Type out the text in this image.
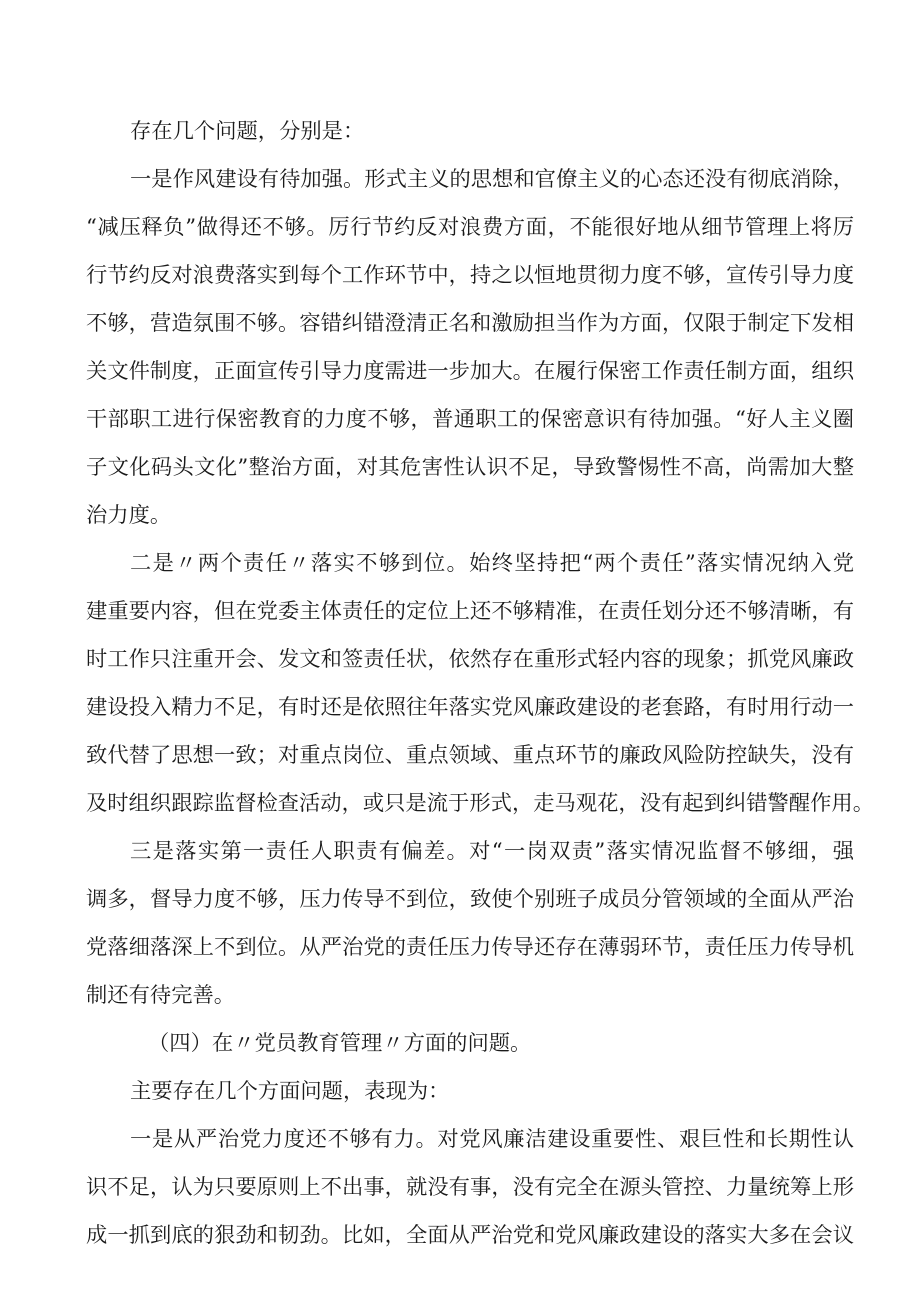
存在几个问题，分别是：
一是作风建设有待加强。形式主义的思想和官僚主义的心态还没有彻底消除，
“减压释负”做得还不够。厉行节约反对浪费方面，不能很好地从细节管理上将厉
行节约反对浪费落实到每个工作环节中，持之以恒地贯彻力度不够，宣传引导力度
不够，营造氛围不够。容错纠错澄清正名和激励担当作为方面，仅限于制定下发相
关文件制度，正面宣传引导力度需进一步加大。在履行保密工作责任制方面，组织
干部职工进行保密教育的力度不够，普通职工的保密意识有待加强。“好人主义圈
子文化码头文化”整治方面，对其危害性认识不足，导致警惕性不高，尚需加大整
治力度。
二是〃两个责任〃落实不够到位。始终坚持把“两个责任”落实情况纳入党
建重要内容，但在党委主体责任的定位上还不够精准，在责任划分还不够清晰，有
时工作只注重开会、发文和签责任状，依然存在重形式轻内容的现象；抓党风廉政
建设投入精力不足，有时还是依照往年落实党风廉政建设的老套路，有时用行动一
致代替了思想一致；对重点岗位、重点领域、重点环节的廉政风险防控缺失，没有
及时组织跟踪监督检查活动，或只是流于形式，走马观花，没有起到纠错警醒作用。
三是落实第一责任人职责有偏差。对“一岗双责”落实情况监督不够细，强
调多，督导力度不够，压力传导不到位，致使个别班子成员分管领域的全面从严治
党落细落深上不到位。从严治党的责任压力传导还存在薄弱环节，责任压力传导机
制还有待完善。
（四）在〃党员教育管理〃方面的问题。
主要存在几个方面问题，表现为：
一是从严治党力度还不够有力。对党风廉洁建设重要性、艰巨性和长期性认
识不足，认为只要原则上不出事，就没有事，没有完全在源头管控、力量统筹上形
成一抓到底的狠劲和韧劲。比如，全面从严治党和党风廉政建设的落实大多在会议
